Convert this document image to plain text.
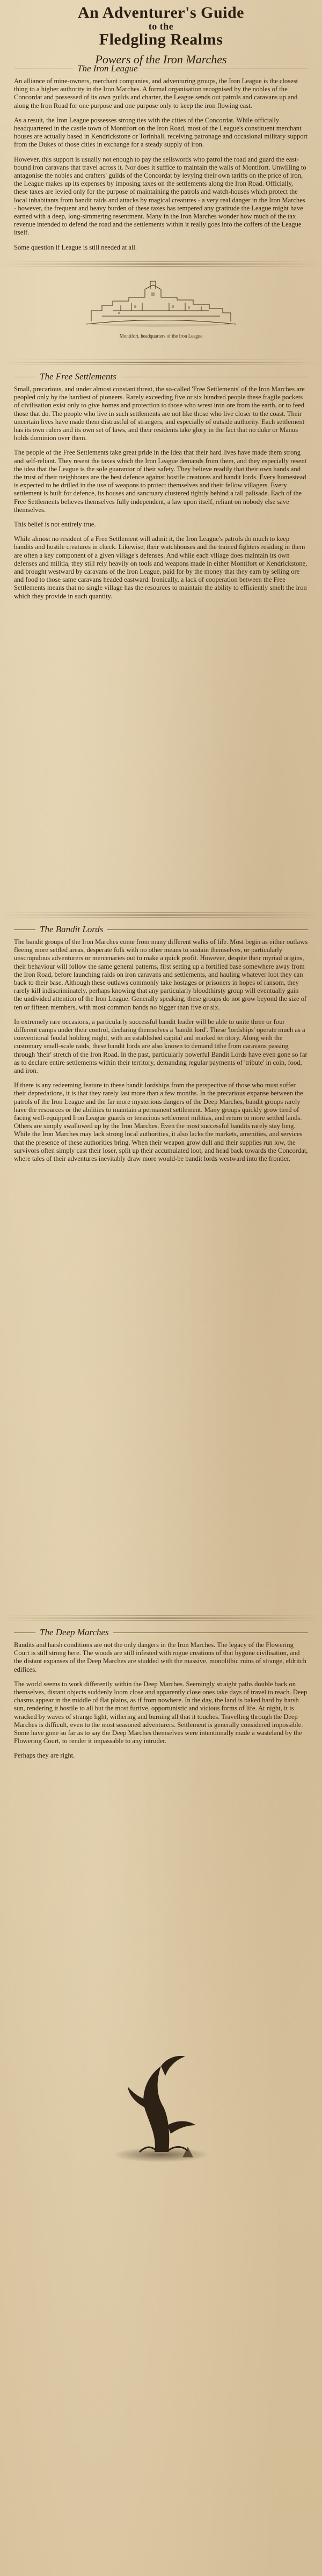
An Adventurer's Guide
to the
Fledgling Realms
Powers of the Iron Marches
The Iron League

An alliance of mine-owners, merchant companies, and adventuring groups, the Iron League is the closest thing to a higher authority in the Iron Marches. A formal organisation recognised by the nobles of the Concordat and possessed of its own guilds and charter, the League sends out patrols and caravans up and along the Iron Road for one purpose and one purpose only to keep the iron flowing east.

As a result, the Iron League possesses strong ties with the cities of the Concordat. While officially headquartered in the castle town of Montifort on the Iron Road, most of the League's constituent merchant houses are actually based in Kendrickstone or Torinhall, receiving patronage and occasional military support from the Dukes of those cities in exchange for a steady supply of iron.

However, this support is usually not enough to pay the sellswords who patrol the road and guard the east-bound iron caravans that travel across it. Nor does it suffice to maintain the walls of Montifort. Unwilling to antagonise the nobles and crafters' guilds of the Concordat by levying their own tariffs on the price of iron, the League makes up its expenses by imposing taxes on the settlements along the Iron Road. Officially, these taxes are levied only for the purpose of maintaining the patrols and watch-houses which protect the local inhabitants from bandit raids and attacks by magical creatures - a very real danger in the Iron Marches - however, the frequent and heavy burden of these taxes has tempered any gratitude the League might have earned with a deep, long-simmering resentment. Many in the Iron Marches wonder how much of the tax revenue intended to defend the road and the settlements within it really goes into the coffers of the League itself.

Some question if League is still needed at all.

Montifort, headquarters of the Iron League
The Free Settlements

Small, precarious, and under almost constant threat, the so-called 'Free Settlements' of the Iron Marches are peopled only by the hardiest of pioneers. Rarely exceeding five or six hundred people these fragile pockets of civilisation exist only to give homes and protection to those who wrest iron ore from the earth, or to feed those that do. The people who live in such settlements are not like those who live closer to the coast. Their uncertain lives have made them distrustful of strangers, and especially of outside authority. Each settlement has its own rulers and its own set of laws, and their residents take glory in the fact that no duke or Manus holds dominion over them.

The people of the Free Settlements take great pride in the idea that their hard lives have made them strong and self-reliant. They resent the taxes which the Iron League demands from them, and they especially resent the idea that the League is the sole guarantor of their safety. They believe readily that their own hands and the trust of their neighbours are the best defence against hostile creatures and bandit lords. Every homestead is expected to be drilled in the use of weapons to protect themselves and their fellow villagers. Every settlement is built for defence, its houses and sanctuary clustered tightly behind a tall palisade. Each of the Free Settlements believes themselves fully independent, a law upon itself, reliant on nobody else save themselves.

This belief is not entirely true.

While almost no resident of a Free Settlement will admit it, the Iron League's patrols do much to keep bandits and hostile creatures in check. Likewise, their watchhouses and the trained fighters residing in them are often a key component of a given village's defenses. And while each village does maintain its own defenses and militia, they still rely heavily on tools and weapons made in either Montifort or Kendrickstone, and brought westward by caravans of the Iron League, paid for by the money that they earn by selling ore and food to those same caravans headed eastward. Ironically, a lack of cooperation between the Free Settlements means that no single village has the resources to maintain the ability to efficiently smelt the iron which they provide in such quantity.

The Bandit Lords

The bandit groups of the Iron Marches come from many different walks of life. Most begin as either outlaws fleeing more settled areas, desperate folk with no other means to sustain themselves, or particularly unscrupulous adventurers or mercenaries out to make a quick profit. However, despite their myriad origins, their behaviour will follow the same general patterns, first setting up a fortified base somewhere away from the Iron Road, before launching raids on iron caravans and settlements, and hauling whatever loot they can back to their base. Although these outlaws commonly take hostages or prisoners in hopes of ransom, they rarely kill indiscriminately, perhaps knowing that any particularly bloodthirsty group will eventually gain the undivided attention of the Iron League. Generally speaking, these groups do not grow beyond the size of ten or fifteen members, with most common bands no bigger than five or six.

In extremely rare occasions, a particularly successful bandit leader will be able to unite three or four different camps under their control, declaring themselves a 'bandit lord'. These 'lordships' operate much as a conventional feudal holding might, with an established capital and marked territory. Along with the customary small-scale raids, these bandit lords are also known to demand tithe from caravans passing through 'their' stretch of the Iron Road. In the past, particularly powerful Bandit Lords have even gone so far as to declare entire settlements within their territory, demanding regular payments of 'tribute' in coin, food, and iron.

If there is any redeeming feature to these bandit lordships from the perspective of those who must suffer their depredations, it is that they rarely last more than a few months. In the precarious expanse between the patrols of the Iron League and the far more mysterious dangers of the Deep Marches, bandit groups rarely have the resources or the abilities to maintain a permanent settlement. Many groups quickly grow tired of facing well-equipped Iron League guards or tenacious settlement militias, and return to more settled lands. Others are simply swallowed up by the Iron Marches. Even the most successful bandits rarely stay long. While the Iron Marches may lack strong local authorities, it also lacks the markets, amenities, and services that the presence of these authorities bring. When their weapon grow dull and their supplies run low, the survivors often simply cast their loser, split up their accumulated loot, and head back towards the Concordat, where tales of their adventures inevitably draw more would-be bandit lords westward into the frontier.

The Deep Marches

Bandits and harsh conditions are not the only dangers in the Iron Marches. The legacy of the Flowering Court is still strong here. The woods are still infested with rogue creations of that bygone civilisation, and the distant expanses of the Deep Marches are studded with the massive, monolithic ruins of strange, eldritch edifices.

The world seems to work differently within the Deep Marches. Seemingly straight paths double back on themselves, distant objects suddenly loom close and apparently close ones take days of travel to reach. Deep chasms appear in the middle of flat plains, as if from nowhere. In the day, the land is baked hard by harsh sun, rendering it hostile to all but the most furtive, opportunistic and vicious forms of life. At night, it is wracked by waves of strange light, withering and burning all that it touches. Travelling through the Deep Marches is difficult, even to the most seasoned adventurers. Settlement is generally considered impossible. Some have gone so far as to say the Deep Marches themselves were intentionally made a wasteland by the Flowering Court, to render it impassable to any intruder.

Perhaps they are right.
